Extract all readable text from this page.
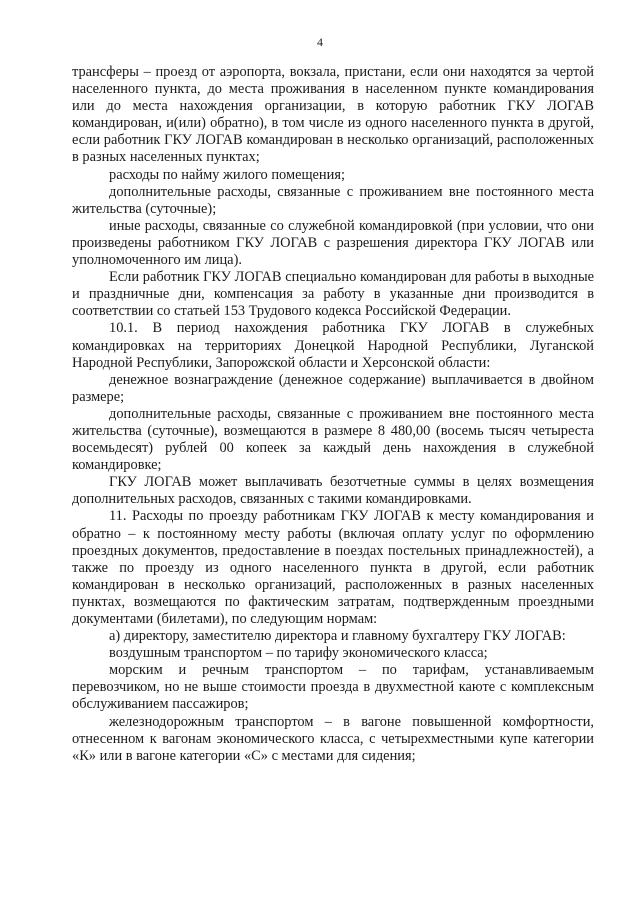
4

трансферы – проезд от аэропорта, вокзала, пристани, если они находятся за чертой населенного пункта, до места проживания в населенном пункте командирования или до места нахождения организации, в которую работник ГКУ ЛОГАВ командирован, и(или) обратно), в том числе из одного населенного пункта в другой, если работник ГКУ ЛОГАВ командирован в несколько организаций, расположенных в разных населенных пунктах;

расходы по найму жилого помещения;

дополнительные расходы, связанные с проживанием вне постоянного места жительства (суточные);

иные расходы, связанные со служебной командировкой (при условии, что они произведены работником ГКУ ЛОГАВ с разрешения директора ГКУ ЛОГАВ или уполномоченного им лица).

Если работник ГКУ ЛОГАВ специально командирован для работы в выходные и праздничные дни, компенсация за работу в указанные дни производится в соответствии со статьей 153 Трудового кодекса Российской Федерации.

10.1. В период нахождения работника ГКУ ЛОГАВ в служебных командировках на территориях Донецкой Народной Республики, Луганской Народной Республики, Запорожской области и Херсонской области:

денежное вознаграждение (денежное содержание) выплачивается в двойном размере;

дополнительные расходы, связанные с проживанием вне постоянного места жительства (суточные), возмещаются в размере 8 480,00 (восемь тысяч четыреста восемьдесят) рублей 00 копеек за каждый день нахождения в служебной командировке;

ГКУ ЛОГАВ может выплачивать безотчетные суммы в целях возмещения дополнительных расходов, связанных с такими командировками.

11. Расходы по проезду работникам ГКУ ЛОГАВ к месту командирования и обратно – к постоянному месту работы (включая оплату услуг по оформлению проездных документов, предоставление в поездах постельных принадлежностей), а также по проезду из одного населенного пункта в другой, если работник командирован в несколько организаций, расположенных в разных населенных пунктах, возмещаются по фактическим затратам, подтвержденным проездными документами (билетами), по следующим нормам:

а) директору, заместителю директора и главному бухгалтеру ГКУ ЛОГАВ:

воздушным транспортом – по тарифу экономического класса;

морским и речным транспортом – по тарифам, устанавливаемым перевозчиком, но не выше стоимости проезда в двухместной каюте с комплексным обслуживанием пассажиров;

железнодорожным транспортом – в вагоне повышенной комфортности, отнесенном к вагонам экономического класса, с четырехместными купе категории «К» или в вагоне категории «С» с местами для сидения;
